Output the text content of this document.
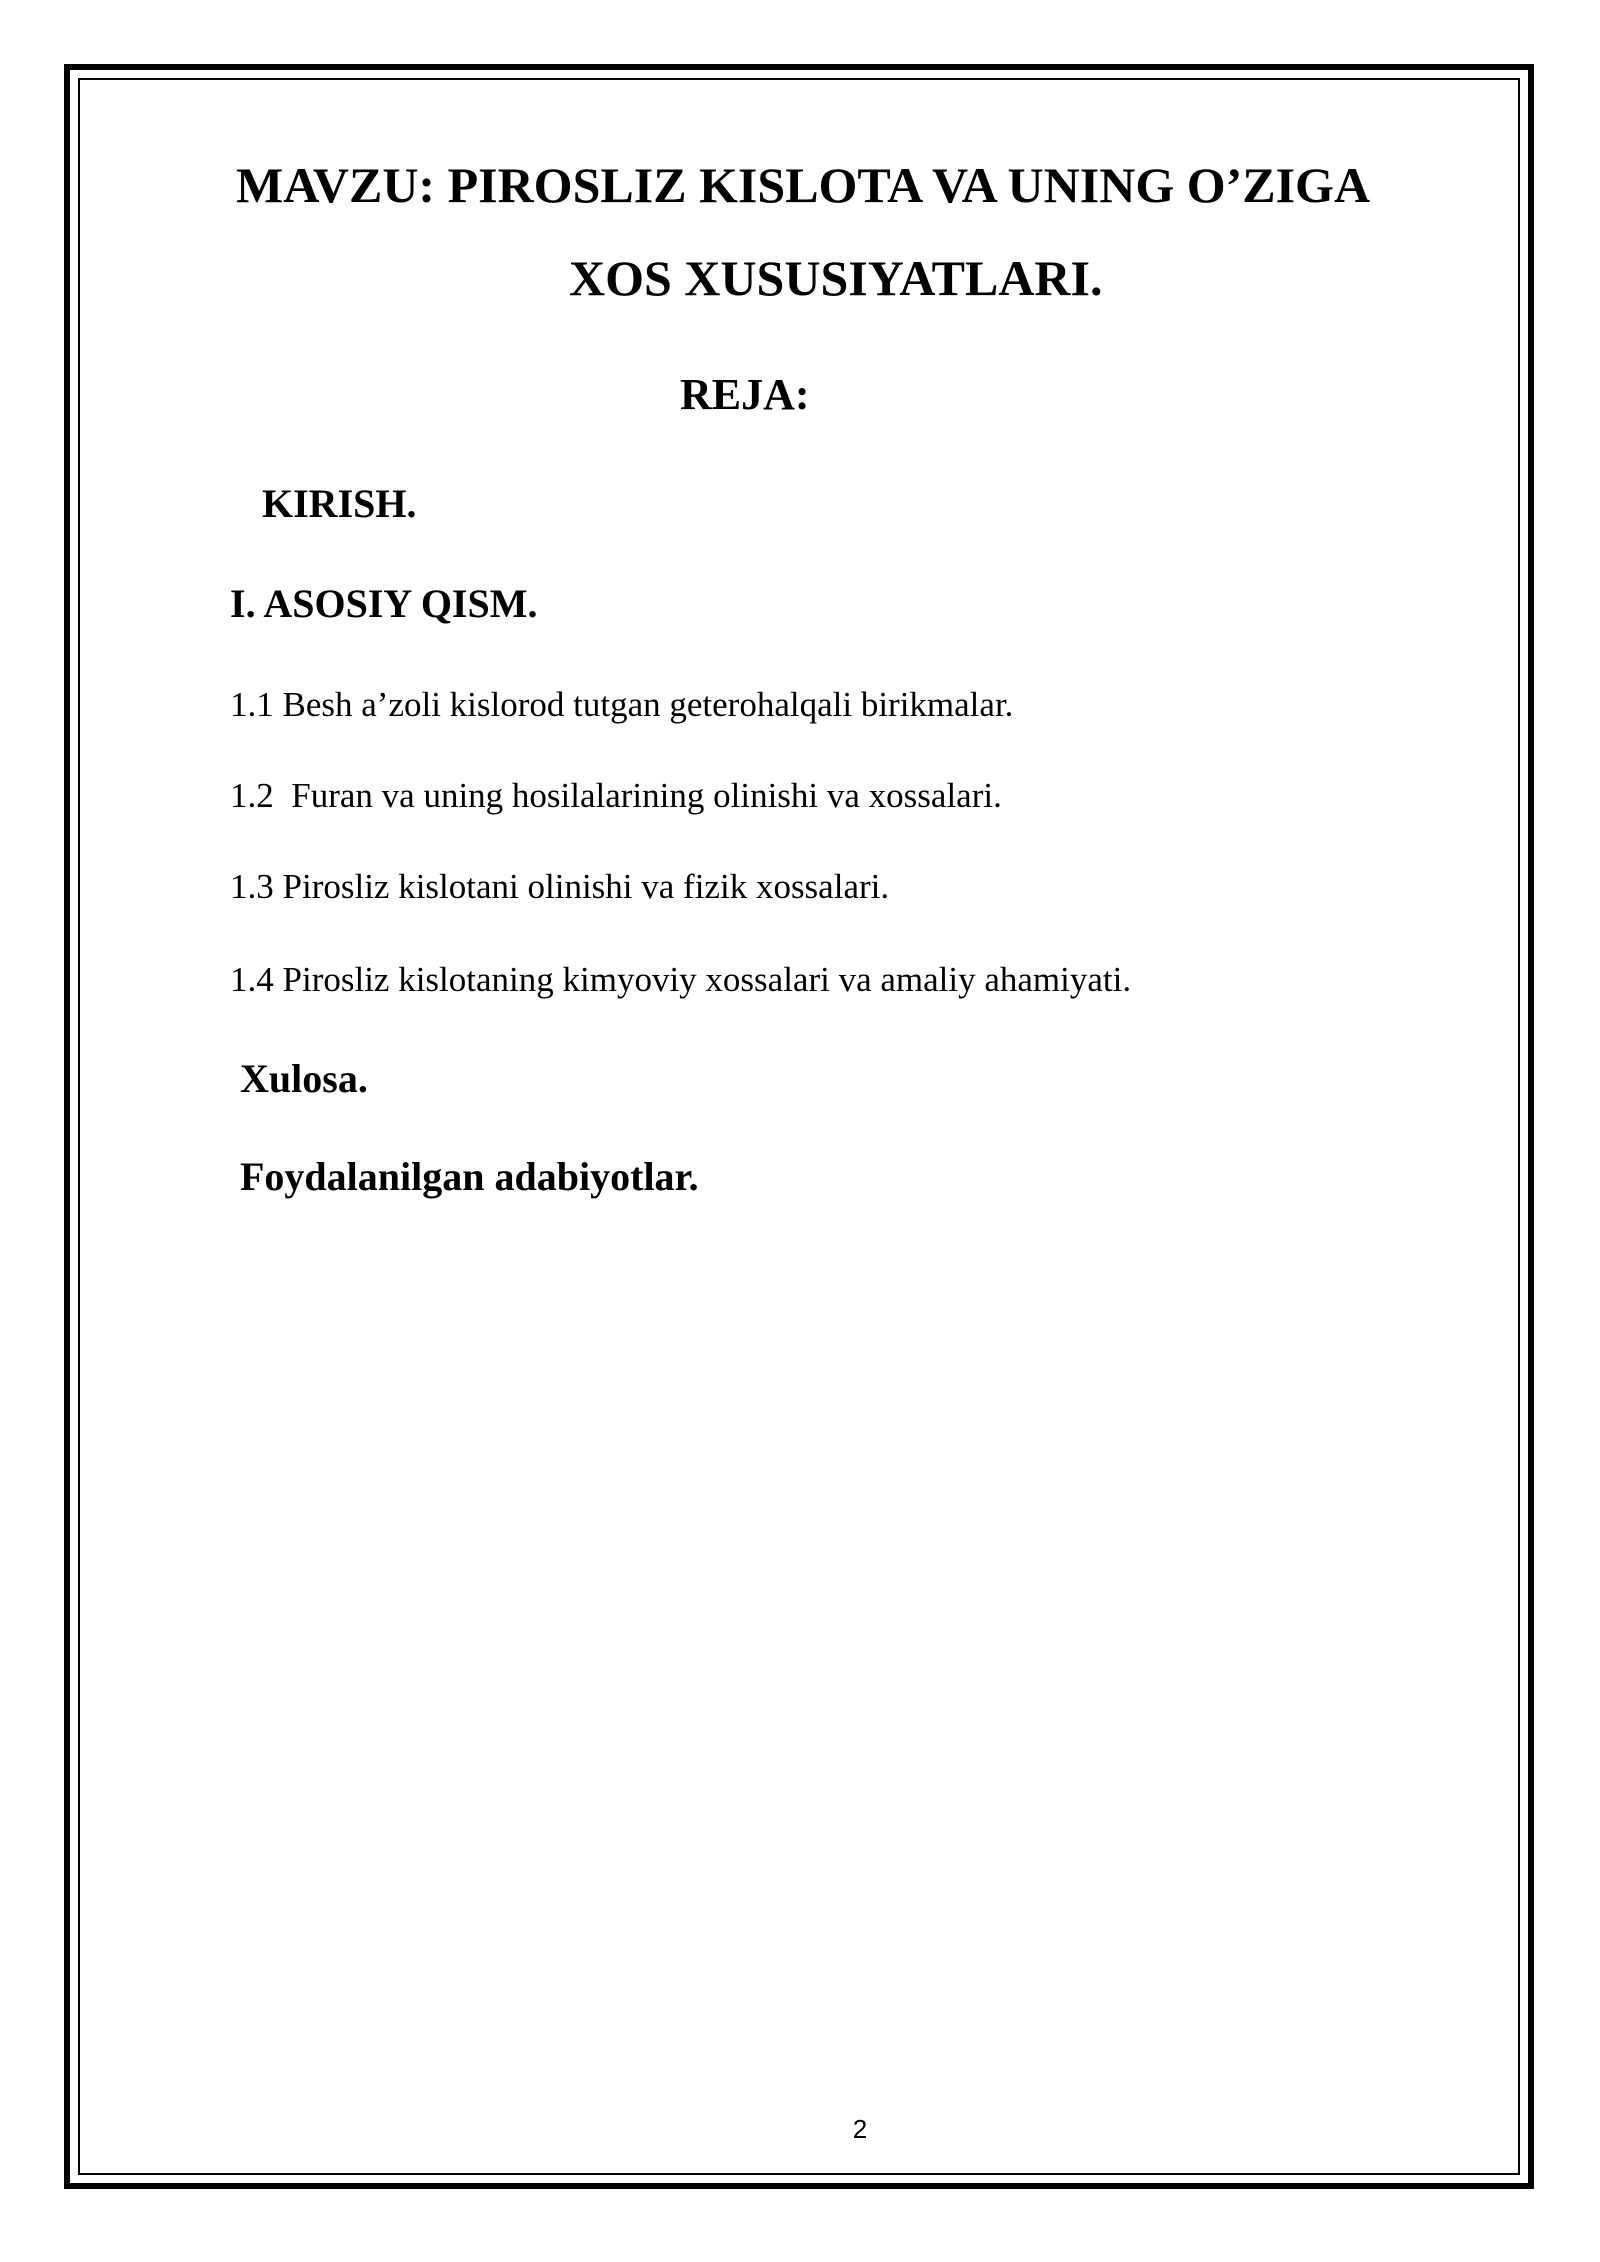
MAVZU: PIROSLIZ KISLOTA VA UNING O’ZIGA
XOS XUSUSIYATLARI.
REJA:
KIRISH.
I. ASOSIY QISM.
1.1 Besh a’zoli kislorod tutgan geterohalqali birikmalar.
1.2  Furan va uning hosilalarining olinishi va xossalari.
1.3 Pirosliz kislotani olinishi va fizik xossalari.
1.4 Pirosliz kislotaning kimyoviy xossalari va amaliy ahamiyati.
Xulosa.
Foydalanilgan adabiyotlar.
2
